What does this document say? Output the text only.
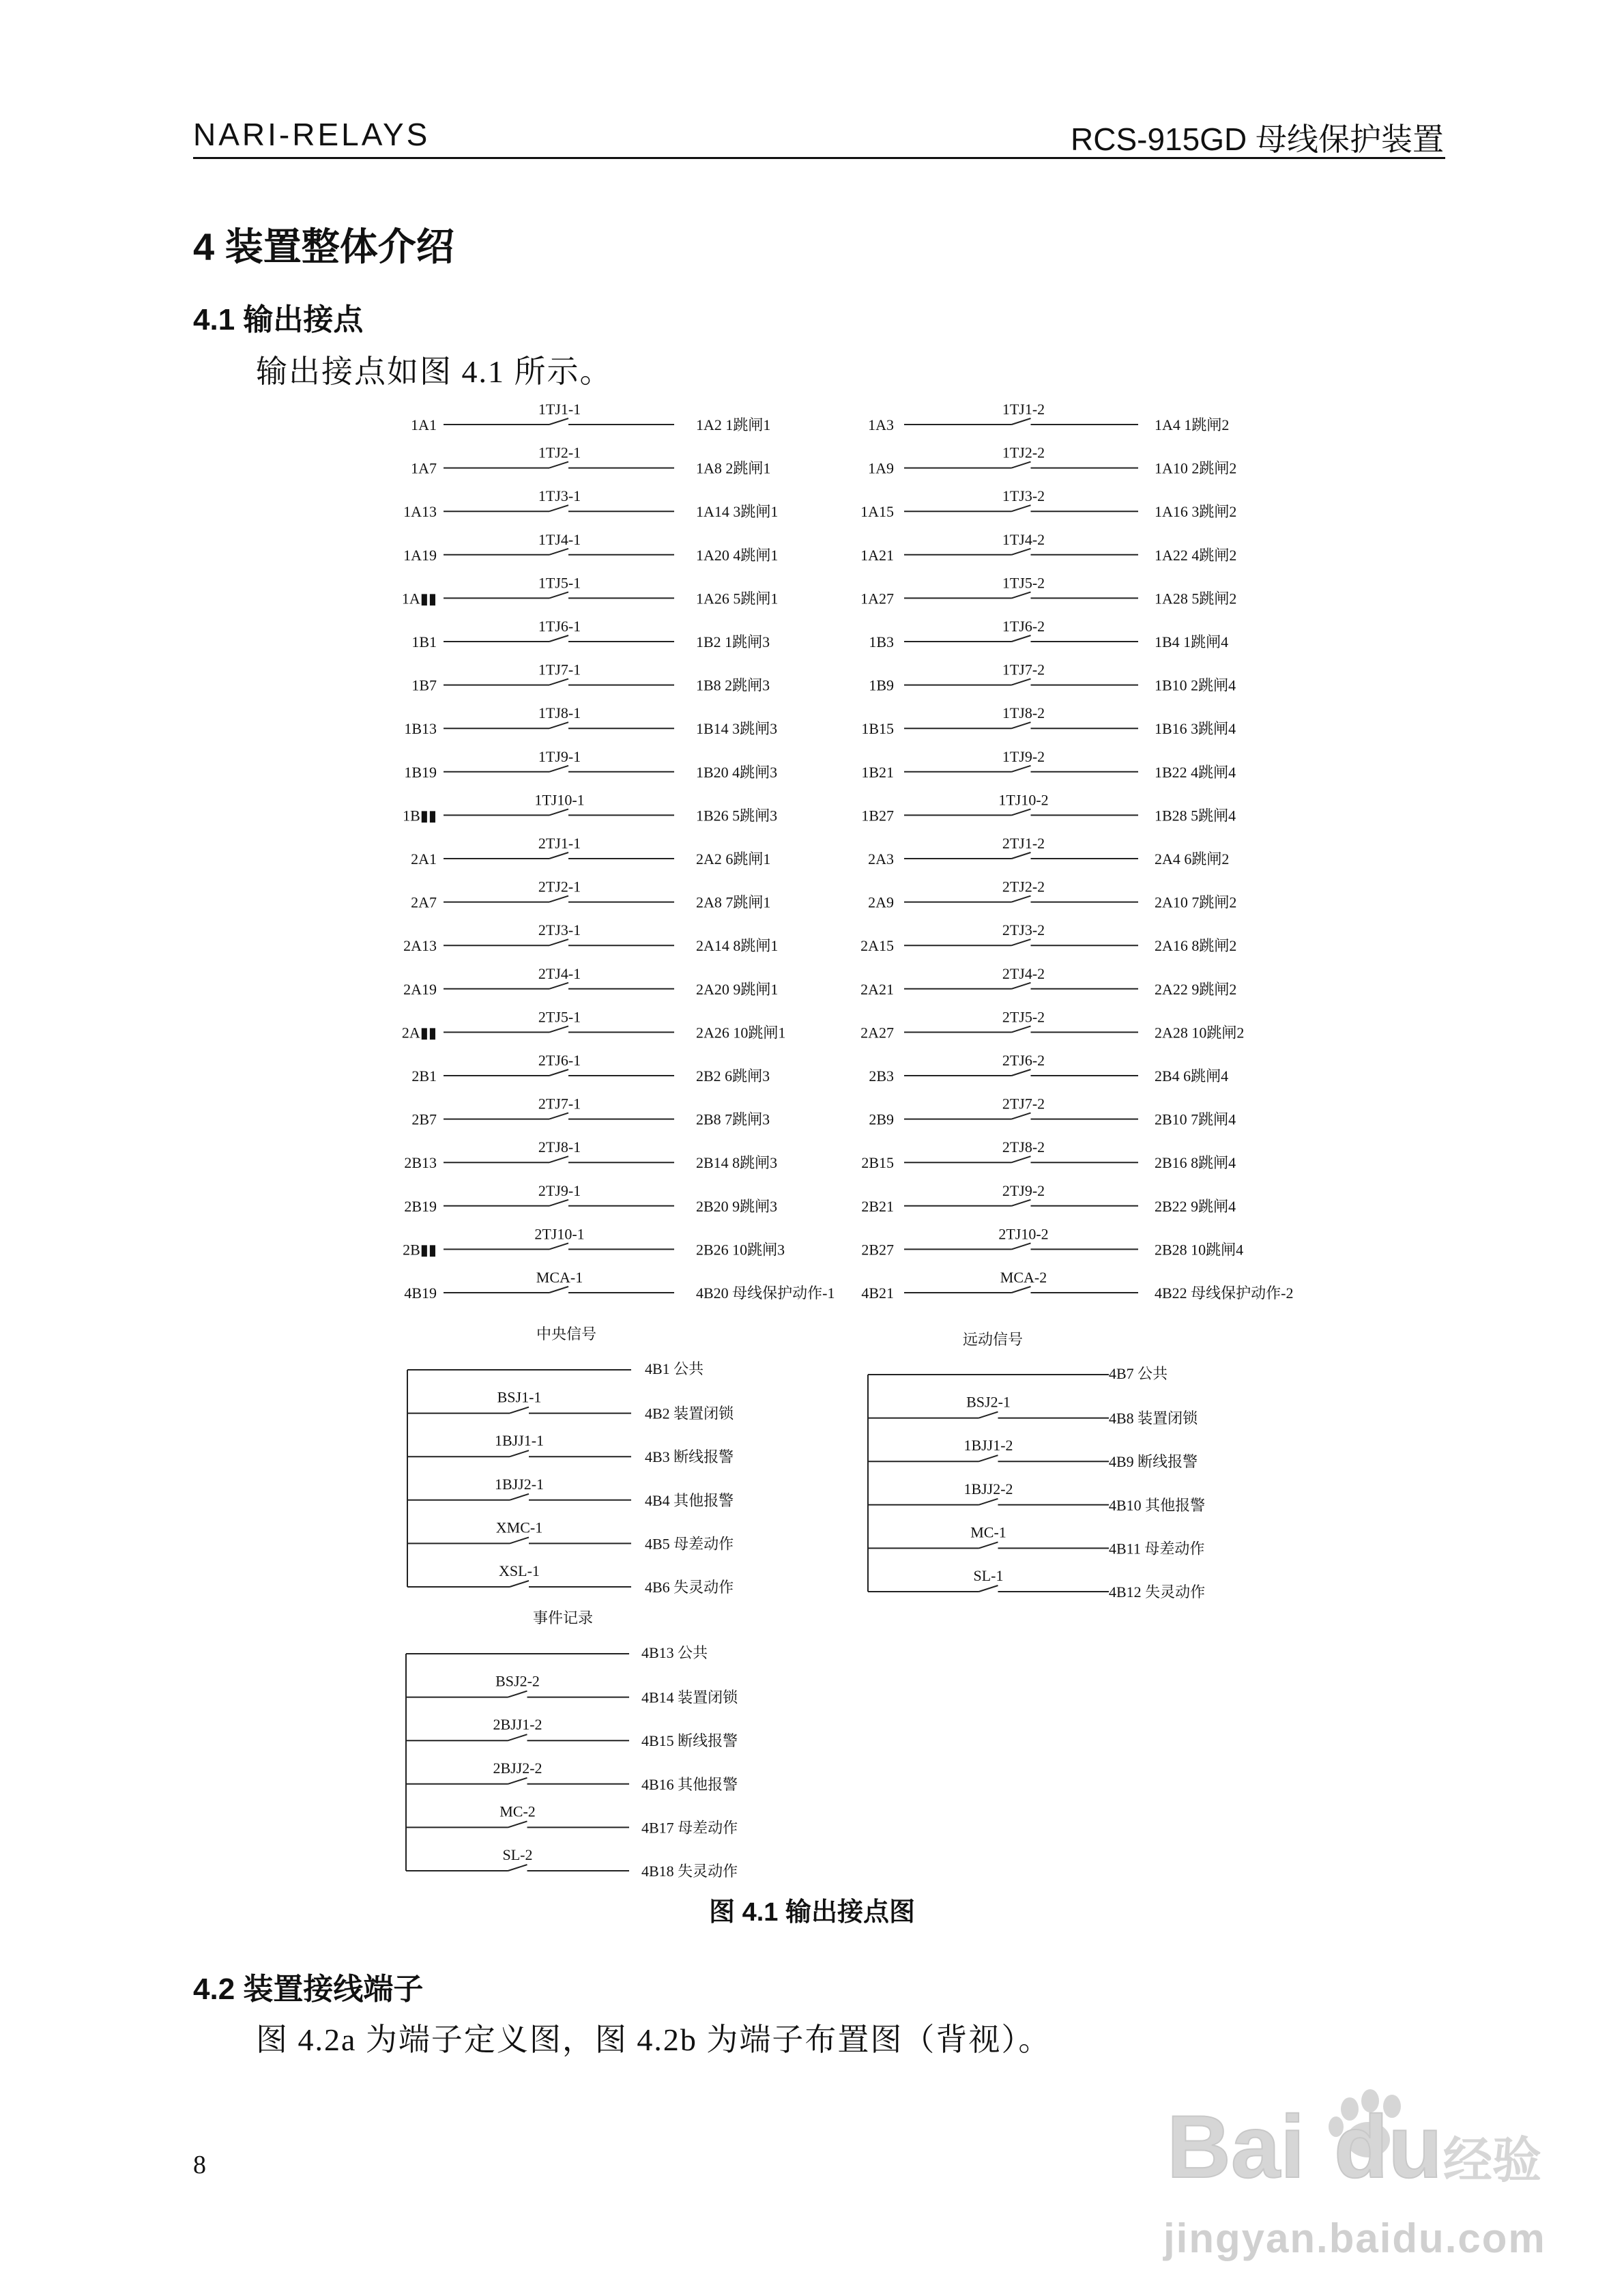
NARI-RELAYS	RCS-915GD 母线保护装置
4 装置整体介绍
4.1 输出接点
输出接点如图 4.1 所示。
1A1
1TJ1-1
1A2 1跳闸1	1A3
1TJ1-2
1A4 1跳闸2
1A7
1TJ2-1
1A8 2跳闸1	1A9
1TJ2-2
1A10 2跳闸2
1A13
1TJ3-1
1A14 3跳闸1	1A15
1TJ3-2
1A16 3跳闸2
1A19
1TJ4-1
1A20 4跳闸1	1A21
1TJ4-2
1A22 4跳闸2
1A▮▮
1TJ5-1
1A26 5跳闸1	1A27
1TJ5-2
1A28 5跳闸2
1B1
1TJ6-1
1B2 1跳闸3	1B3
1TJ6-2
1B4 1跳闸4
1B7
1TJ7-1
1B8 2跳闸3	1B9
1TJ7-2
1B10 2跳闸4
1B13
1TJ8-1
1B14 3跳闸3	1B15
1TJ8-2
1B16 3跳闸4
1B19
1TJ9-1
1B20 4跳闸3	1B21
1TJ9-2
1B22 4跳闸4
1B▮▮
1TJ10-1
1B26 5跳闸3	1B27
1TJ10-2
1B28 5跳闸4
2A1
2TJ1-1
2A2 6跳闸1	2A3
2TJ1-2
2A4 6跳闸2
2A7
2TJ2-1
2A8 7跳闸1	2A9
2TJ2-2
2A10 7跳闸2
2A13
2TJ3-1
2A14 8跳闸1	2A15
2TJ3-2
2A16 8跳闸2
2A19
2TJ4-1
2A20 9跳闸1	2A21
2TJ4-2
2A22 9跳闸2
2A▮▮
2TJ5-1
2A26 10跳闸1	2A27
2TJ5-2
2A28 10跳闸2
2B1
2TJ6-1
2B2 6跳闸3	2B3
2TJ6-2
2B4 6跳闸4
2B7
2TJ7-1
2B8 7跳闸3	2B9
2TJ7-2
2B10 7跳闸4
2B13
2TJ8-1
2B14 8跳闸3	2B15
2TJ8-2
2B16 8跳闸4
2B19
2TJ9-1
2B20 9跳闸3	2B21
2TJ9-2
2B22 9跳闸4
2B▮▮
2TJ10-1
2B26 10跳闸3	2B27
2TJ10-2
2B28 10跳闸4
4B19
MCA-1
4B20 母线保护动作-1 4B21
MCA-2
4B22 母线保护动作-2
中央信号
4B1 公共
BSJ1-1
4B2 装置闭锁
1BJJ1-1
4B3 断线报警
1BJJ2-1
4B4 其他报警
XMC-1
4B5 母差动作
XSL-1
4B6 失灵动作
远动信号
4B7 公共
BSJ2-1
4B8 装置闭锁
1BJJ1-2
4B9 断线报警
1BJJ2-2
4B10 其他报警
MC-1
4B11 母差动作
SL-1
4B12 失灵动作
事件记录
4B13 公共
BSJ2-2
4B14 装置闭锁
2BJJ1-2
4B15 断线报警
2BJJ2-2
4B16 其他报警
MC-2
4B17 母差动作
SL-2
4B18 失灵动作
图 4.1 输出接点图
4.2 装置接线端子
图 4.2a 为端子定义图，图 4.2b 为端子布置图（背视）。
8	Bai du 经验
jingyan.baidu.com
